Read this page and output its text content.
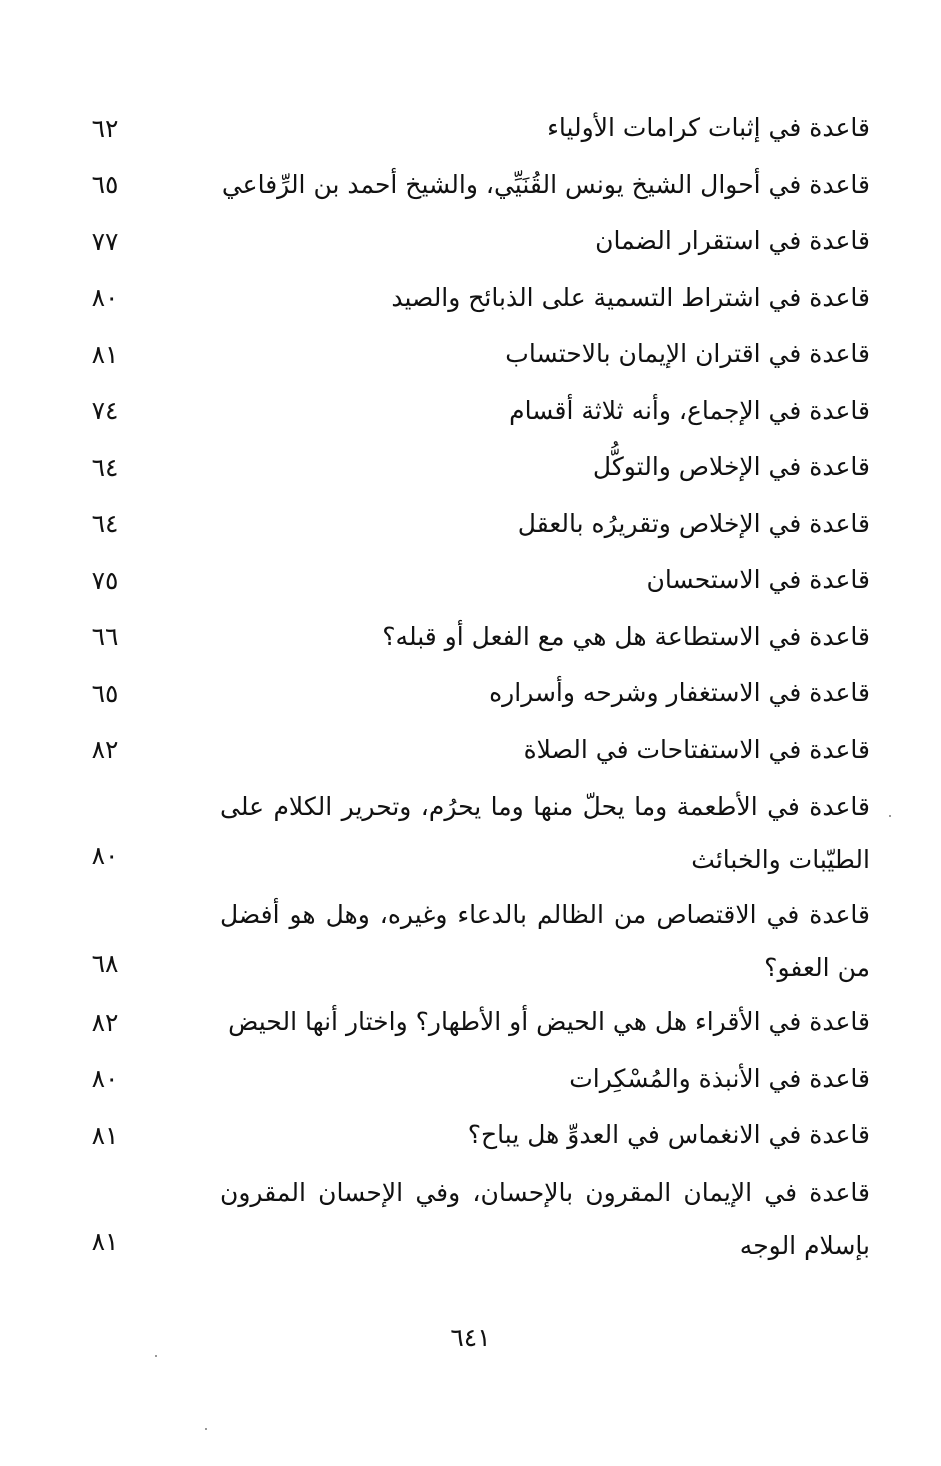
قاعدة في إثبات كرامات الأولياء
٦٢
قاعدة في أحوال الشيخ يونس القُنَيِّي، والشيخ أحمد بن الرِّفاعي
٦٥
قاعدة في استقرار الضمان
٧٧
قاعدة في اشتراط التسمية على الذبائح والصيد
٨٠
قاعدة في اقتران الإيمان بالاحتساب
٨١
قاعدة في الإجماع، وأنه ثلاثة أقسام
٧٤
قاعدة في الإخلاص والتوكُّل
٦٤
قاعدة في الإخلاص وتقريرُه بالعقل
٦٤
قاعدة في الاستحسان
٧٥
قاعدة في الاستطاعة هل هي مع الفعل أو قبله؟
٦٦
قاعدة في الاستغفار وشرحه وأسراره
٦٥
قاعدة في الاستفتاحات في الصلاة
٨٢
قاعدة في الأطعمة وما يحلّ منها وما يحرُم، وتحرير الكلام على الطيّبات والخبائث
٨٠
قاعدة في الاقتصاص من الظالم بالدعاء وغيره، وهل هو أفضل من العفو؟
٦٨
قاعدة في الأقراء هل هي الحيض أو الأطهار؟ واختار أنها الحيض
٨٢
قاعدة في الأنبذة والمُسْكِرات
٨٠
قاعدة في الانغماس في العدوِّ هل يباح؟
٨١
قاعدة في الإيمان المقرون بالإحسان، وفي الإحسان المقرون بإسلام الوجه
٨١
٦٤١
